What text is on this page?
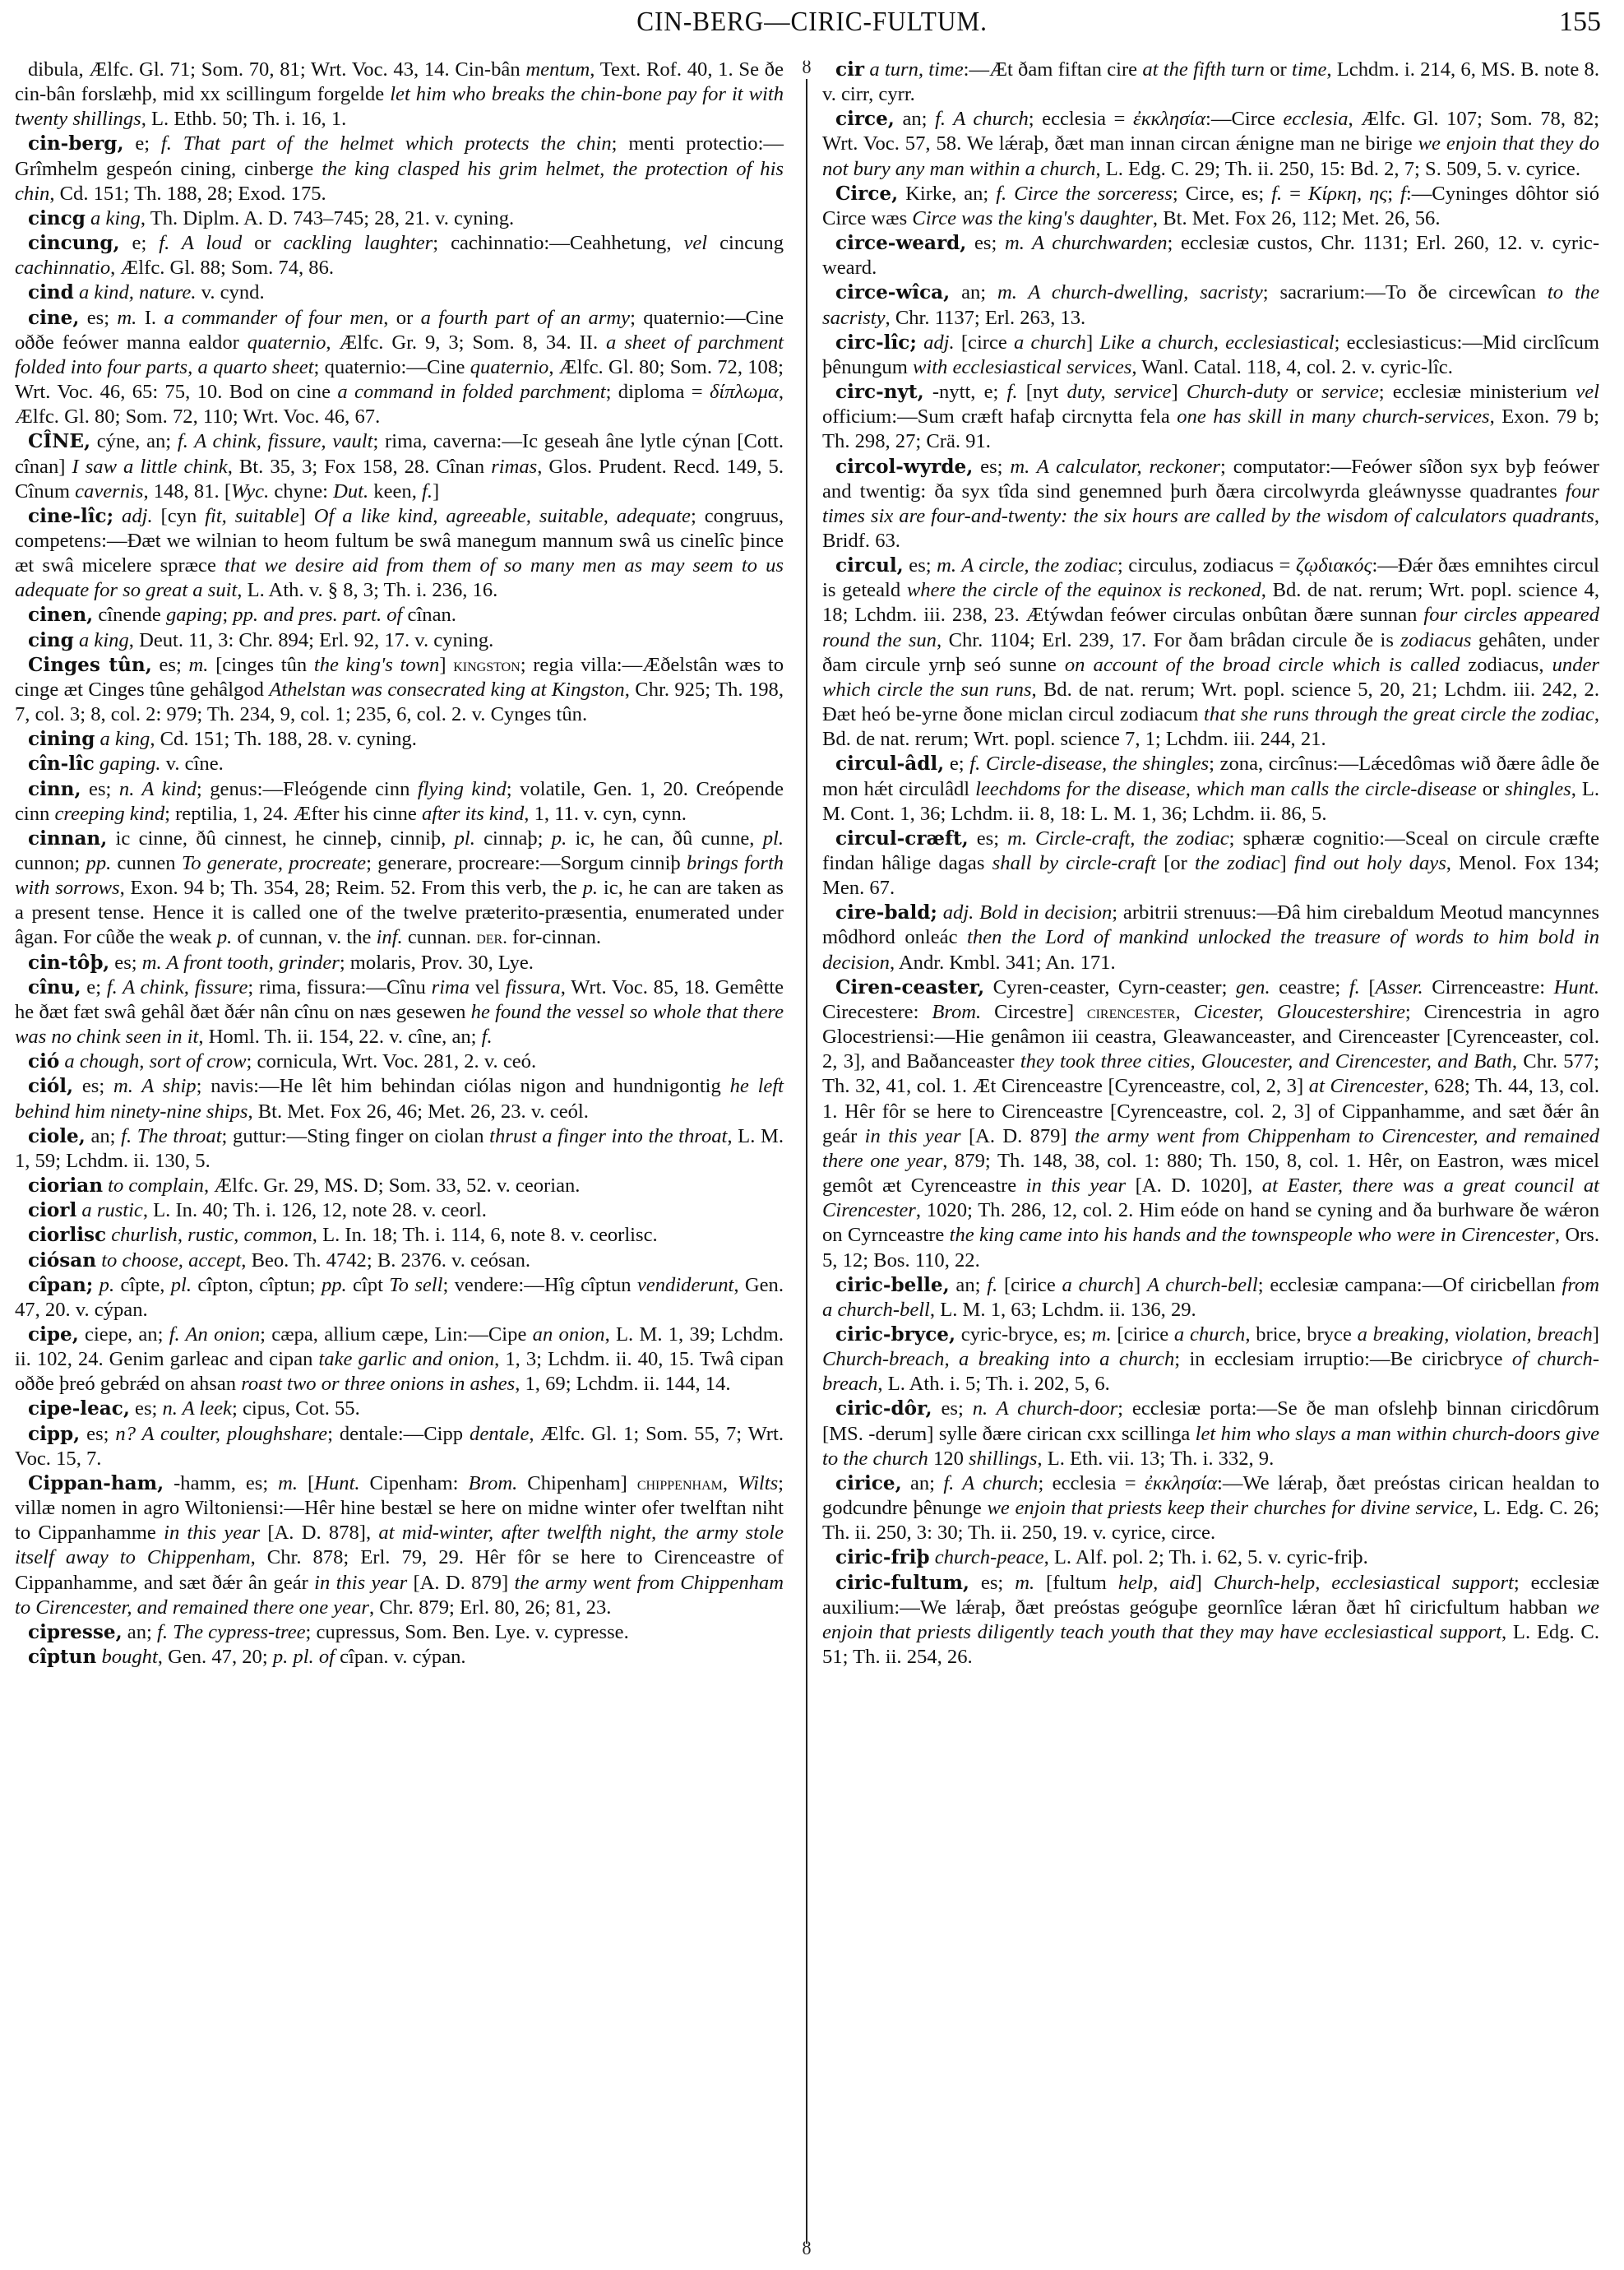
CIN-BERG—CIRIC-FULTUM.	155
ȣ
ȣ

dibula, Ælfc. Gl. 71; Som. 70, 81; Wrt. Voc. 43, 14. Cin-bân mentum, Text. Rof. 40, 1. Se ðe cin-bân forslæhþ, mid xx scillingum forgelde let him who breaks the chin-bone pay for it with twenty shillings, L. Ethb. 50; Th. i. 16, 1.

cin-berg, e; f. That part of the helmet which protects the chin; menti protectio:—Grîmhelm gespeón cining, cinberge the king clasped his grim helmet, the protection of his chin, Cd. 151; Th. 188, 28; Exod. 175.

cincg a king, Th. Diplm. A. D. 743–745; 28, 21. v. cyning.

cincung, e; f. A loud or cackling laughter; cachinnatio:—Ceahhetung, vel cincung cachinnatio, Ælfc. Gl. 88; Som. 74, 86.

cind a kind, nature. v. cynd.

cine, es; m. I. a commander of four men, or a fourth part of an army; quaternio:—Cine oððe feówer manna ealdor quaternio, Ælfc. Gr. 9, 3; Som. 8, 34. II. a sheet of parchment folded into four parts, a quarto sheet; quaternio:—Cine quaternio, Ælfc. Gl. 80; Som. 72, 108; Wrt. Voc. 46, 65: 75, 10. Bod on cine a command in folded parchment; diploma = δίπλωμα, Ælfc. Gl. 80; Som. 72, 110; Wrt. Voc. 46, 67.

CÎNE, cýne, an; f. A chink, fissure, vault; rima, caverna:—Ic geseah âne lytle cýnan [Cott. cînan] I saw a little chink, Bt. 35, 3; Fox 158, 28. Cînan rimas, Glos. Prudent. Recd. 149, 5. Cînum cavernis, 148, 81. [Wyc. chyne: Dut. keen, f.]

cine-lîc; adj. [cyn fit, suitable] Of a like kind, agreeable, suitable, adequate; congruus, competens:—Ðæt we wilnian to heom fultum be swâ manegum mannum swâ us cinelîc þince æt swâ micelere spræce that we desire aid from them of so many men as may seem to us adequate for so great a suit, L. Ath. v. § 8, 3; Th. i. 236, 16.

cinen, cînende gaping; pp. and pres. part. of cînan.

cing a king, Deut. 11, 3: Chr. 894; Erl. 92, 17. v. cyning.

Cinges tûn, es; m. [cinges tûn the king's town] kingston; regia villa:—Æðelstân wæs to cinge æt Cinges tûne gehâlgod Athelstan was consecrated king at Kingston, Chr. 925; Th. 198, 7, col. 3; 8, col. 2: 979; Th. 234, 9, col. 1; 235, 6, col. 2. v. Cynges tûn.

cining a king, Cd. 151; Th. 188, 28. v. cyning.

cîn-lîc gaping. v. cîne.

cinn, es; n. A kind; genus:—Fleógende cinn flying kind; volatile, Gen. 1, 20. Creópende cinn creeping kind; reptilia, 1, 24. Æfter his cinne after its kind, 1, 11. v. cyn, cynn.

cinnan, ic cinne, ðû cinnest, he cinneþ, cinniþ, pl. cinnaþ; p. ic, he can, ðû cunne, pl. cunnon; pp. cunnen To generate, procreate; generare, procreare:—Sorgum cinniþ brings forth with sorrows, Exon. 94 b; Th. 354, 28; Reim. 52. From this verb, the p. ic, he can are taken as a present tense. Hence it is called one of the twelve præterito-præsentia, enumerated under âgan. For cûðe the weak p. of cunnan, v. the inf. cunnan. der. for-cinnan.

cin-tôþ, es; m. A front tooth, grinder; molaris, Prov. 30, Lye.

cînu, e; f. A chink, fissure; rima, fissura:—Cînu rima vel fissura, Wrt. Voc. 85, 18. Gemêtte he ðæt fæt swâ gehâl ðæt ðǽr nân cînu on næs gesewen he found the vessel so whole that there was no chink seen in it, Homl. Th. ii. 154, 22. v. cîne, an; f.

ció a chough, sort of crow; cornicula, Wrt. Voc. 281, 2. v. ceó.

ciól, es; m. A ship; navis:—He lêt him behindan ciólas nigon and hundnigontig he left behind him ninety-nine ships, Bt. Met. Fox 26, 46; Met. 26, 23. v. ceól.

ciole, an; f. The throat; guttur:—Sting finger on ciolan thrust a finger into the throat, L. M. 1, 59; Lchdm. ii. 130, 5.

ciorian to complain, Ælfc. Gr. 29, MS. D; Som. 33, 52. v. ceorian.

ciorl a rustic, L. In. 40; Th. i. 126, 12, note 28. v. ceorl.

ciorlisc churlish, rustic, common, L. In. 18; Th. i. 114, 6, note 8. v. ceorlisc.

ciósan to choose, accept, Beo. Th. 4742; B. 2376. v. ceósan.

cîpan; p. cîpte, pl. cîpton, cîptun; pp. cîpt To sell; vendere:—Hîg cîptun vendiderunt, Gen. 47, 20. v. cýpan.

cipe, ciepe, an; f. An onion; cæpa, allium cæpe, Lin:—Cipe an onion, L. M. 1, 39; Lchdm. ii. 102, 24. Genim garleac and cipan take garlic and onion, 1, 3; Lchdm. ii. 40, 15. Twâ cipan oððe þreó gebrǽd on ahsan roast two or three onions in ashes, 1, 69; Lchdm. ii. 144, 14.

cipe-leac, es; n. A leek; cipus, Cot. 55.

cipp, es; n? A coulter, ploughshare; dentale:—Cipp dentale, Ælfc. Gl. 1; Som. 55, 7; Wrt. Voc. 15, 7.

Cippan-ham, -hamm, es; m. [Hunt. Cipenham: Brom. Chipenham] chippenham, Wilts; villæ nomen in agro Wiltoniensi:—Hêr hine bestæl se here on midne winter ofer twelftan niht to Cippanhamme in this year [A. D. 878], at mid-winter, after twelfth night, the army stole itself away to Chippenham, Chr. 878; Erl. 79, 29. Hêr fôr se here to Cirenceastre of Cippanhamme, and sæt ðǽr ân geár in this year [A. D. 879] the army went from Chippenham to Cirencester, and remained there one year, Chr. 879; Erl. 80, 26; 81, 23.

cipresse, an; f. The cypress-tree; cupressus, Som. Ben. Lye. v. cypresse.

cîptun bought, Gen. 47, 20; p. pl. of cîpan. v. cýpan.

cir a turn, time:—Æt ðam fiftan cire at the fifth turn or time, Lchdm. i. 214, 6, MS. B. note 8. v. cirr, cyrr.

circe, an; f. A church; ecclesia = ἐκκλησία:—Circe ecclesia, Ælfc. Gl. 107; Som. 78, 82; Wrt. Voc. 57, 58. We lǽraþ, ðæt man innan circan ǽnigne man ne birige we enjoin that they do not bury any man within a church, L. Edg. C. 29; Th. ii. 250, 15: Bd. 2, 7; S. 509, 5. v. cyrice.

Circe, Kirke, an; f. Circe the sorceress; Circe, es; f. = Κίρκη, ης; f:—Cyninges dôhtor sió Circe wæs Circe was the king's daughter, Bt. Met. Fox 26, 112; Met. 26, 56.

circe-weard, es; m. A churchwarden; ecclesiæ custos, Chr. 1131; Erl. 260, 12. v. cyric-weard.

circe-wîca, an; m. A church-dwelling, sacristy; sacrarium:—To ðe circewîcan to the sacristy, Chr. 1137; Erl. 263, 13.

circ-lîc; adj. [circe a church] Like a church, ecclesiastical; ecclesiasticus:—Mid circlîcum þênungum with ecclesiastical services, Wanl. Catal. 118, 4, col. 2. v. cyric-lîc.

circ-nyt, -nytt, e; f. [nyt duty, service] Church-duty or service; ecclesiæ ministerium vel officium:—Sum cræft hafaþ circnytta fela one has skill in many church-services, Exon. 79 b; Th. 298, 27; Crä. 91.

circol-wyrde, es; m. A calculator, reckoner; computator:—Feówer sîðon syx byþ feówer and twentig: ða syx tîda sind genemned þurh ðæra circolwyrda gleáwnysse quadrantes four times six are four-and-twenty: the six hours are called by the wisdom of calculators quadrants, Bridf. 63.

circul, es; m. A circle, the zodiac; circulus, zodiacus = ζῳδιακός:—Ðǽr ðæs emnihtes circul is geteald where the circle of the equinox is reckoned, Bd. de nat. rerum; Wrt. popl. science 4, 18; Lchdm. iii. 238, 23. Ætýwdan feówer circulas onbûtan ðære sunnan four circles appeared round the sun, Chr. 1104; Erl. 239, 17. For ðam brâdan circule ðe is zodiacus gehâten, under ðam circule yrnþ seó sunne on account of the broad circle which is called zodiacus, under which circle the sun runs, Bd. de nat. rerum; Wrt. popl. science 5, 20, 21; Lchdm. iii. 242, 2. Ðæt heó be-yrne ðone miclan circul zodiacum that she runs through the great circle the zodiac, Bd. de nat. rerum; Wrt. popl. science 7, 1; Lchdm. iii. 244, 21.

circul-âdl, e; f. Circle-disease, the shingles; zona, circînus:—Lǽcedômas wið ðære âdle ðe mon hǽt circulâdl leechdoms for the disease, which man calls the circle-disease or shingles, L. M. Cont. 1, 36; Lchdm. ii. 8, 18: L. M. 1, 36; Lchdm. ii. 86, 5.

circul-cræft, es; m. Circle-craft, the zodiac; sphæræ cognitio:—Sceal on circule cræfte findan hâlige dagas shall by circle-craft [or the zodiac] find out holy days, Menol. Fox 134; Men. 67.

cire-bald; adj. Bold in decision; arbitrii strenuus:—Ðâ him cirebaldum Meotud mancynnes môdhord onleác then the Lord of mankind unlocked the treasure of words to him bold in decision, Andr. Kmbl. 341; An. 171.

Ciren-ceaster, Cyren-ceaster, Cyrn-ceaster; gen. ceastre; f. [Asser. Cirrenceastre: Hunt. Cirecestere: Brom. Circestre] cirencester, Cicester, Gloucestershire; Cirencestria in agro Glocestriensi:—Hie genâmon iii ceastra, Gleawanceaster, and Cirenceaster [Cyrenceaster, col. 2, 3], and Baðanceaster they took three cities, Gloucester, and Cirencester, and Bath, Chr. 577; Th. 32, 41, col. 1. Æt Cirenceastre [Cyrenceastre, col, 2, 3] at Cirencester, 628; Th. 44, 13, col. 1. Hêr fôr se here to Cirenceastre [Cyrenceastre, col. 2, 3] of Cippanhamme, and sæt ðǽr ân geár in this year [A. D. 879] the army went from Chippenham to Cirencester, and remained there one year, 879; Th. 148, 38, col. 1: 880; Th. 150, 8, col. 1. Hêr, on Eastron, wæs micel gemôt æt Cyrenceastre in this year [A. D. 1020], at Easter, there was a great council at Cirencester, 1020; Th. 286, 12, col. 2. Him eóde on hand se cyning and ða burhware ðe wǽron on Cyrnceastre the king came into his hands and the townspeople who were in Cirencester, Ors. 5, 12; Bos. 110, 22.

ciric-belle, an; f. [cirice a church] A church-bell; ecclesiæ campana:—Of ciricbellan from a church-bell, L. M. 1, 63; Lchdm. ii. 136, 29.

ciric-bryce, cyric-bryce, es; m. [cirice a church, brice, bryce a breaking, violation, breach] Church-breach, a breaking into a church; in ecclesiam irruptio:—Be ciricbryce of church-breach, L. Ath. i. 5; Th. i. 202, 5, 6.

ciric-dôr, es; n. A church-door; ecclesiæ porta:—Se ðe man ofslehþ binnan ciricdôrum [MS. -derum] sylle ðære cirican cxx scillinga let him who slays a man within church-doors give to the church 120 shillings, L. Eth. vii. 13; Th. i. 332, 9.

cirice, an; f. A church; ecclesia = ἐκκλησία:—We lǽraþ, ðæt preóstas cirican healdan to godcundre þênunge we enjoin that priests keep their churches for divine service, L. Edg. C. 26; Th. ii. 250, 3: 30; Th. ii. 250, 19. v. cyrice, circe.

ciric-friþ church-peace, L. Alf. pol. 2; Th. i. 62, 5. v. cyric-friþ.

ciric-fultum, es; m. [fultum help, aid] Church-help, ecclesiastical support; ecclesiæ auxilium:—We lǽraþ, ðæt preóstas geóguþe geornlîce lǽran ðæt hî ciricfultum habban we enjoin that priests diligently teach youth that they may have ecclesiastical support, L. Edg. C. 51; Th. ii. 254, 26.
